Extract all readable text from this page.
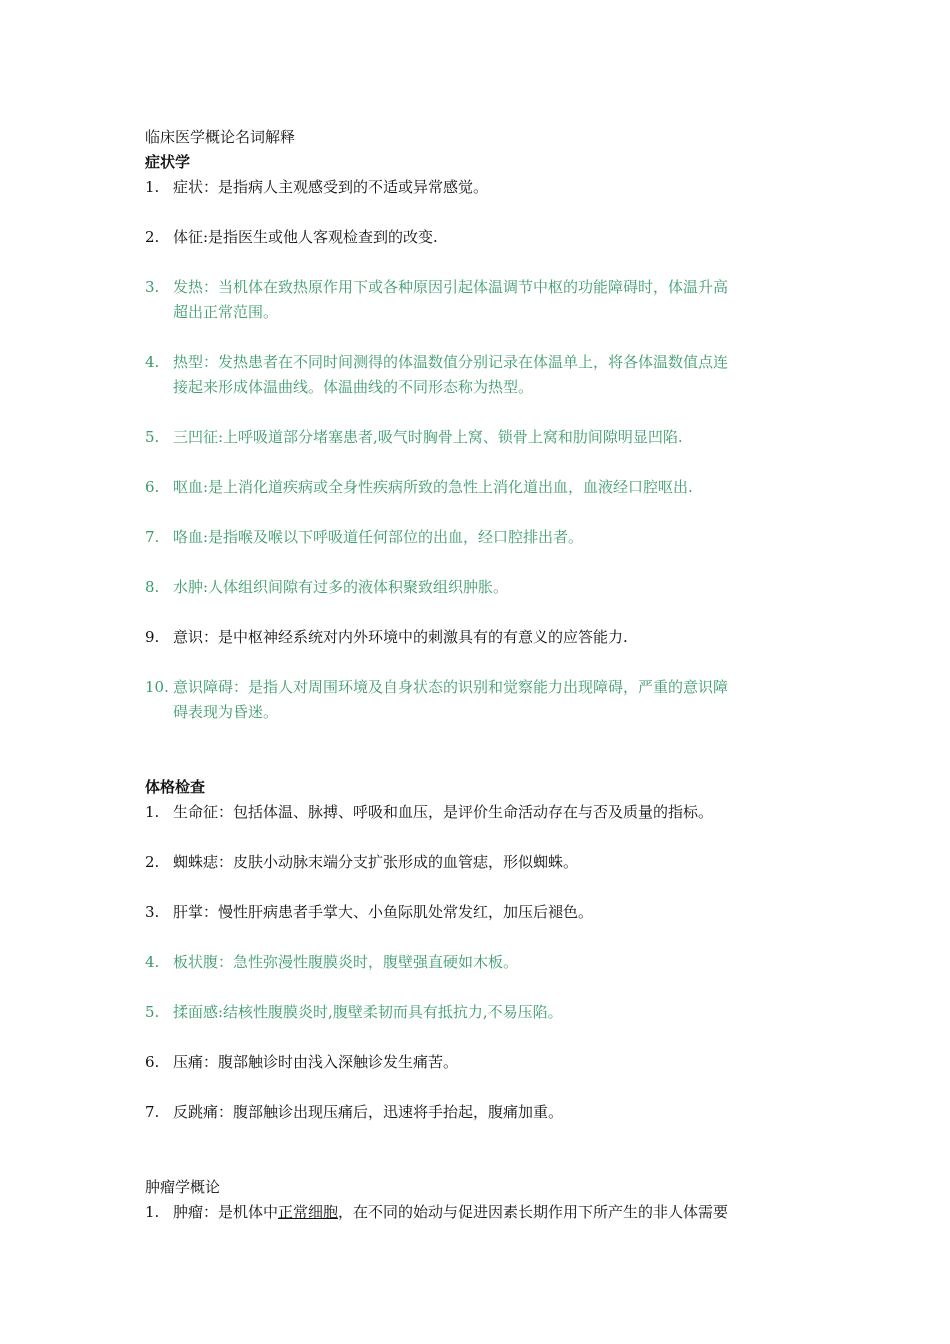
临床医学概论名词解释
症状学
1. 症状：是指病人主观感受到的不适或异常感觉。
2. 体征:是指医生或他人客观检查到的改变.
3. 发热：当机体在致热原作用下或各种原因引起体温调节中枢的功能障碍时，体温升高
超出正常范围。
4. 热型：发热患者在不同时间测得的体温数值分别记录在体温单上，将各体温数值点连
接起来形成体温曲线。体温曲线的不同形态称为热型。
5. 三凹征:上呼吸道部分堵塞患者,吸气时胸骨上窝、锁骨上窝和肋间隙明显凹陷.
6. 呕血:是上消化道疾病或全身性疾病所致的急性上消化道出血，血液经口腔呕出.
7. 咯血:是指喉及喉以下呼吸道任何部位的出血，经口腔排出者。
8. 水肿:人体组织间隙有过多的液体积聚致组织肿胀。
9. 意识：是中枢神经系统对内外环境中的刺激具有的有意义的应答能力.
10. 意识障碍：是指人对周围环境及自身状态的识别和觉察能力出现障碍，严重的意识障
碍表现为昏迷。
体格检查
1. 生命征：包括体温、脉搏、呼吸和血压，是评价生命活动存在与否及质量的指标。
2. 蜘蛛痣：皮肤小动脉末端分支扩张形成的血管痣，形似蜘蛛。
3. 肝掌：慢性肝病患者手掌大、小鱼际肌处常发红，加压后褪色。
4. 板状腹：急性弥漫性腹膜炎时，腹壁强直硬如木板。
5. 揉面感:结核性腹膜炎时,腹壁柔韧而具有抵抗力,不易压陷。
6. 压痛：腹部触诊时由浅入深触诊发生痛苦。
7. 反跳痛：腹部触诊出现压痛后，迅速将手抬起，腹痛加重。
肿瘤学概论
1. 肿瘤：是机体中正常细胞，在不同的始动与促进因素长期作用下所产生的非人体需要
